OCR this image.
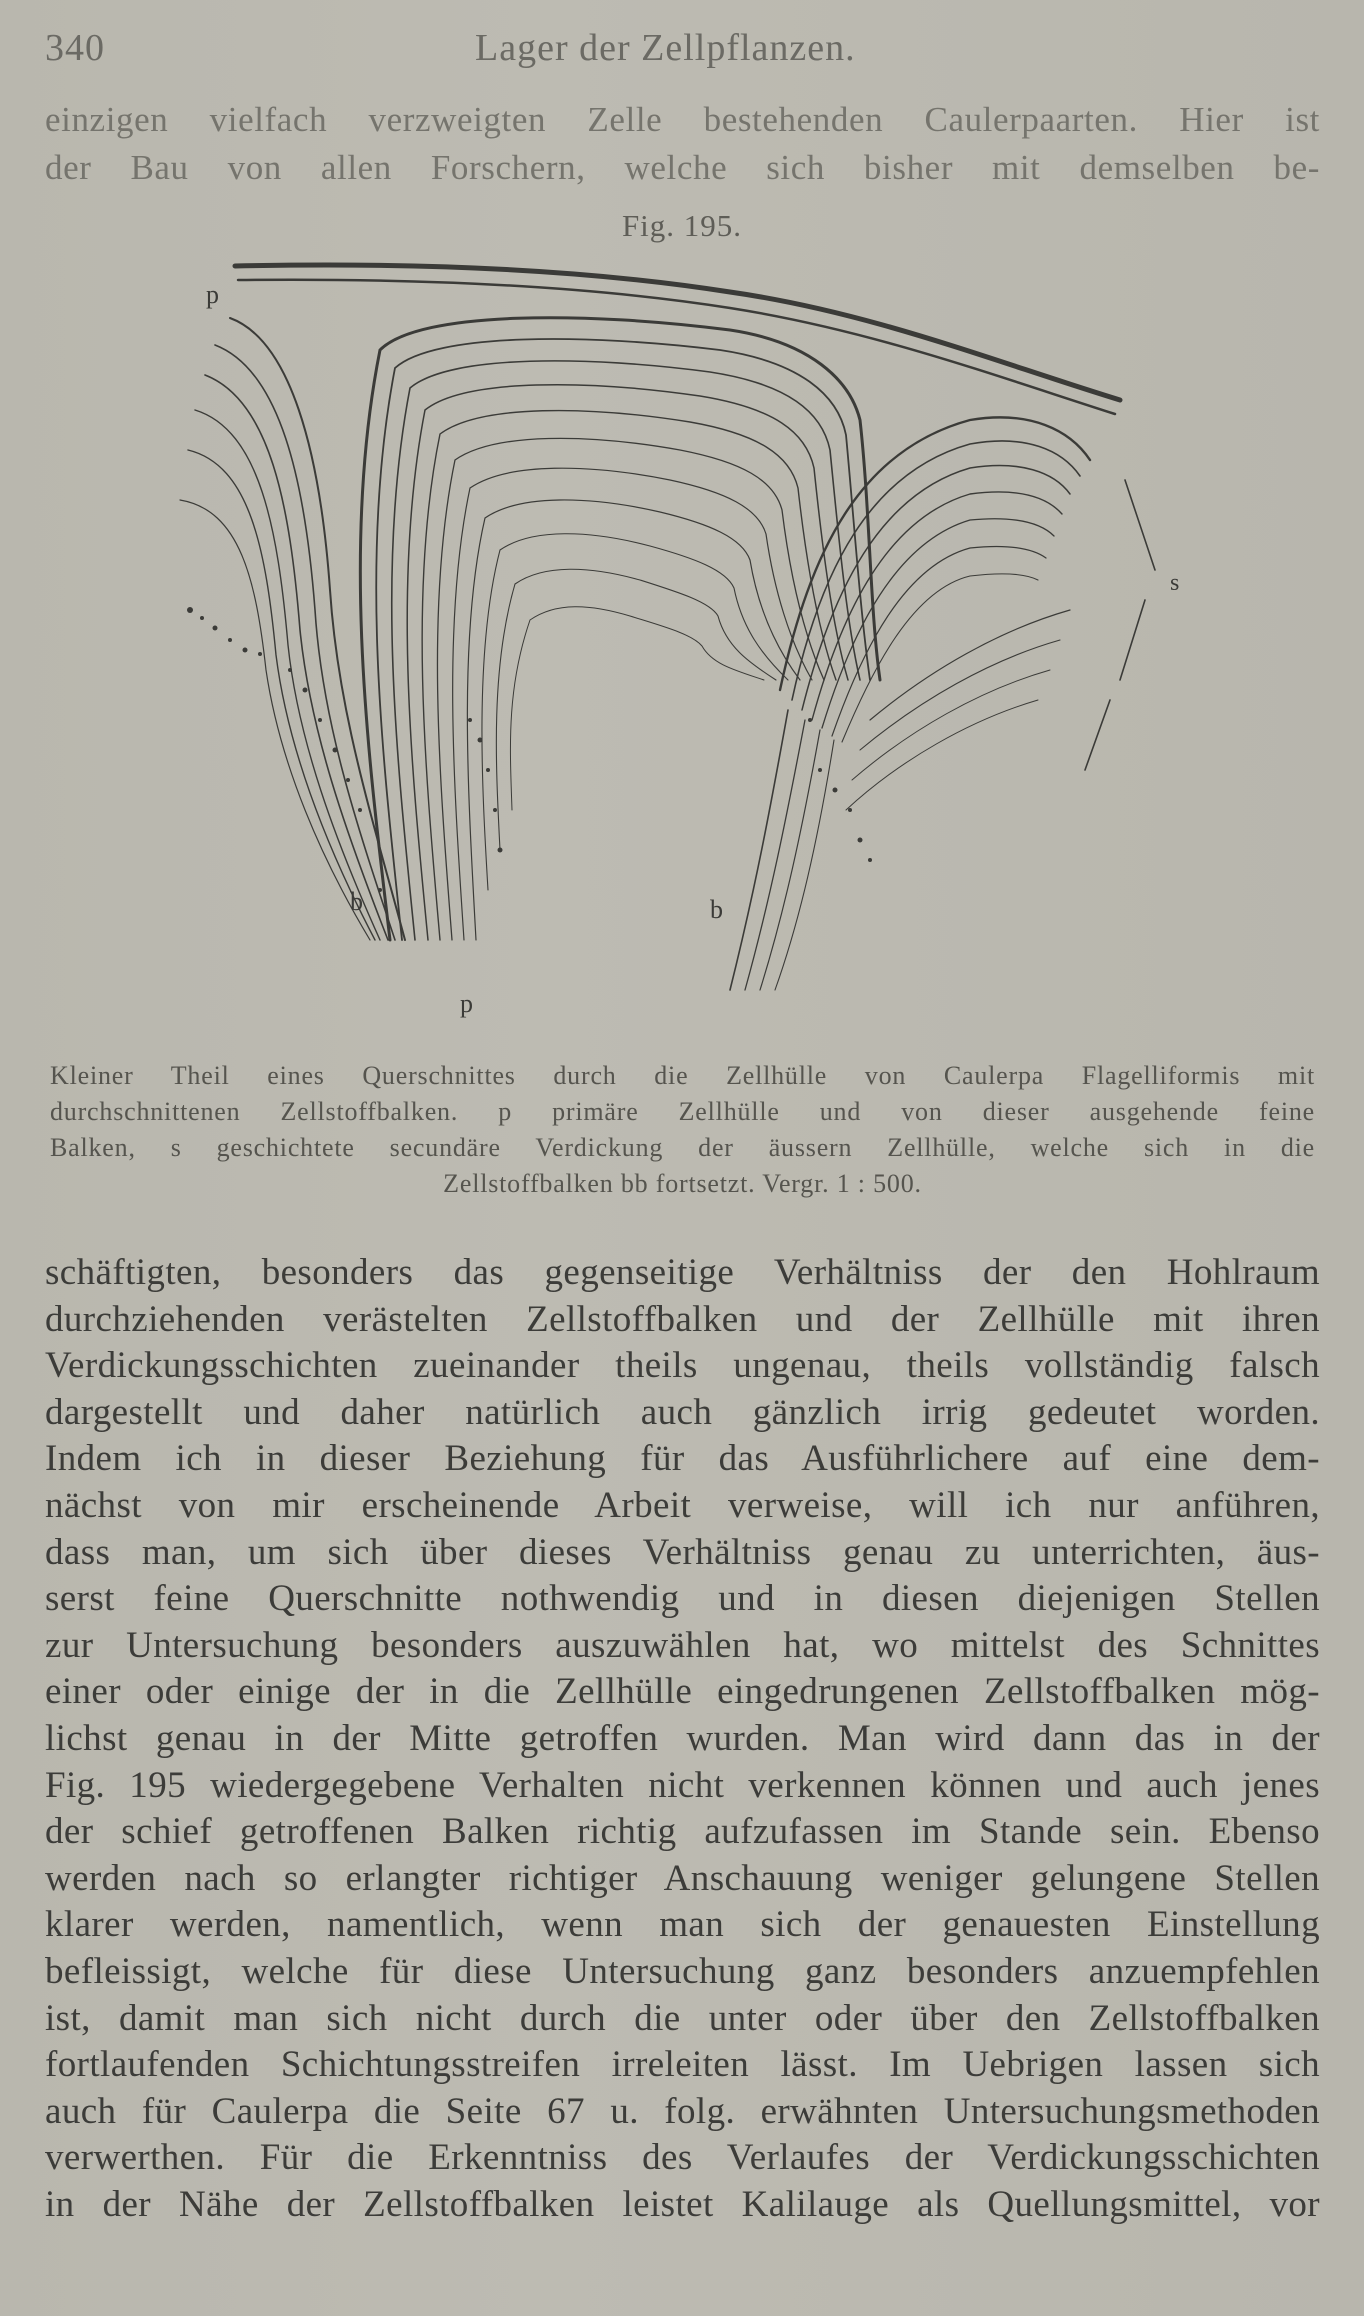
340	Lager der Zellpflanzen.

einzigen vielfach verzweigten Zelle bestehenden Caulerpaarten. Hier ist

der Bau von allen Forschern, welche sich bisher mit demselben be-

Fig. 195.
p
s
b	b
p
Kleiner Theil eines Querschnittes durch die Zellhülle von Caulerpa Flagelliformis mit
durchschnittenen Zellstoffbalken. p primäre Zellhülle und von dieser ausgehende feine
Balken, s geschichtete secundäre Verdickung der äussern Zellhülle, welche sich in die
Zellstoffbalken bb fortsetzt. Vergr. 1 : 500.
schäftigten, besonders das gegenseitige Verhältniss der den Hohlraum
durchziehenden verästelten Zellstoffbalken und der Zellhülle mit ihren
Verdickungsschichten zueinander theils ungenau, theils vollständig falsch
dargestellt und daher natürlich auch gänzlich irrig gedeutet worden.
Indem ich in dieser Beziehung für das Ausführlichere auf eine dem-
nächst von mir erscheinende Arbeit verweise, will ich nur anführen,
dass man, um sich über dieses Verhältniss genau zu unterrichten, äus-
serst feine Querschnitte nothwendig und in diesen diejenigen Stellen
zur Untersuchung besonders auszuwählen hat, wo mittelst des Schnittes
einer oder einige der in die Zellhülle eingedrungenen Zellstoffbalken mög-
lichst genau in der Mitte getroffen wurden. Man wird dann das in der
Fig. 195 wiedergegebene Verhalten nicht verkennen können und auch jenes
der schief getroffenen Balken richtig aufzufassen im Stande sein. Ebenso
werden nach so erlangter richtiger Anschauung weniger gelungene Stellen
klarer werden, namentlich, wenn man sich der genauesten Einstellung
befleissigt, welche für diese Untersuchung ganz besonders anzuempfehlen
ist, damit man sich nicht durch die unter oder über den Zellstoffbalken
fortlaufenden Schichtungsstreifen irreleiten lässt. Im Uebrigen lassen sich
auch für Caulerpa die Seite 67 u. folg. erwähnten Untersuchungsmethoden
verwerthen. Für die Erkenntniss des Verlaufes der Verdickungsschichten
in der Nähe der Zellstoffbalken leistet Kalilauge als Quellungsmittel, vor
